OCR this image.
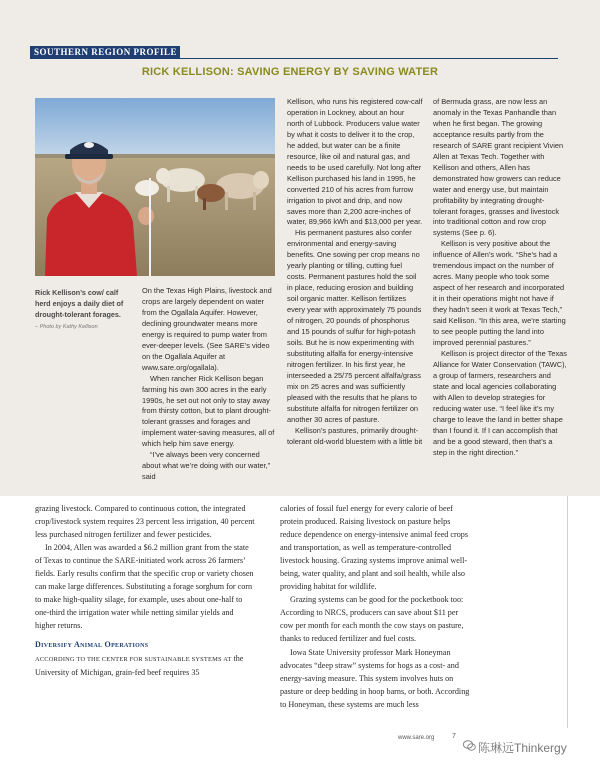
SOUTHERN REGION PROFILE
RICK KELLISON: SAVING ENERGY BY SAVING WATER
Rick Kellison’s cow/ calf herd enjoys a daily diet of drought-tolerant forages.
– Photo by Kathy Kellison

On the Texas High Plains, livestock and crops are largely dependent on water from the Ogallala Aquifer. However, declining groundwater means more energy is required to pump water from ever-deeper levels. (See SARE’s video on the Ogallala Aquifer at www.sare.org/ogallala).

When rancher Rick Kellison began farming his own 300 acres in the early 1990s, he set out not only to stay away from thirsty cotton, but to plant drought-tolerant grasses and forages and implement water-saving measures, all of which help him save energy.

“I’ve always been very concerned about what we’re doing with our water,” said

Kellison, who runs his registered cow-calf operation in Lockney, about an hour north of Lubbock. Producers value water by what it costs to deliver it to the crop, he added, but water can be a finite resource, like oil and natural gas, and needs to be used carefully. Not long after Kellison purchased his land in 1995, he converted 210 of his acres from furrow irrigation to pivot and drip, and now saves more than 2,200 acre-inches of water, 89,966 kWh and $13,000 per year.

His permanent pastures also confer environmental and energy-saving benefits. One sowing per crop means no yearly planting or tilling, cutting fuel costs. Permanent pastures hold the soil in place, reducing erosion and building soil organic matter. Kellison fertilizes every year with approximately 75 pounds of nitrogen, 20 pounds of phosphorus and 15 pounds of sulfur for high-potash soils. But he is now experimenting with substituting alfalfa for energy-intensive nitrogen fertilizer. In his first year, he interseeded a 25/75 percent alfalfa/grass mix on 25 acres and was sufficiently pleased with the results that he plans to substitute alfalfa for nitrogen fertilizer on another 30 acres of pasture.

Kellison’s pastures, primarily drought-tolerant old-world bluestem with a little bit

of Bermuda grass, are now less an anomaly in the Texas Panhandle than when he first began. The growing acceptance results partly from the research of SARE grant recipient Vivien Allen at Texas Tech. Together with Kellison and others, Allen has demonstrated how growers can reduce water and energy use, but maintain profitability by integrating drought-tolerant forages, grasses and livestock into traditional cotton and row crop systems (See p. 6).

Kellison is very positive about the influence of Allen’s work. “She’s had a tremendous impact on the number of acres. Many people who took some aspect of her research and incorporated it in their operations might not have if they hadn’t seen it work at Texas Tech,” said Kellison. “In this area, we’re starting to see people putting the land into improved perennial pastures.”

Kellison is project director of the Texas Alliance for Water Conservation (TAWC), a group of farmers, researchers and state and local agencies collaborating with Allen to develop strategies for reducing water use. “I feel like it’s my charge to leave the land in better shape than I found it. If I can accomplish that and be a good steward, then that’s a step in the right direction.”

grazing livestock. Compared to continuous cotton, the integrated crop/livestock system requires 23 percent less irrigation, 40 percent less purchased nitrogen fertilizer and fewer pesticides.

In 2004, Allen was awarded a $6.2 million grant from the state of Texas to continue the SARE-initiated work across 26 farmers’ fields. Early results confirm that the specific crop or variety chosen can make large differences. Substituting a forage sorghum for corn to make high-quality silage, for example, uses about one-half to one-third the irrigation water while netting similar yields and higher returns.

Diversify Animal Operations

ACCORDING TO THE CENTER FOR SUSTAINABLE SYSTEMS AT the University of Michigan, grain-fed beef requires 35

calories of fossil fuel energy for every calorie of beef protein produced. Raising livestock on pasture helps reduce dependence on energy-intensive animal feed crops and transportation, as well as temperature-controlled livestock housing. Grazing systems improve animal well-being, water quality, and plant and soil health, while also providing habitat for wildlife.

Grazing systems can be good for the pocketbook too: According to NRCS, producers can save about $11 per cow per month for each month the cow stays on pasture, thanks to reduced fertilizer and fuel costs.

Iowa State University professor Mark Honeyman advocates “deep straw” systems for hogs as a cost- and energy-saving measure. This system involves huts on pasture or deep bedding in hoop barns, or both. According to Honeyman, these systems are much less

www.sare.org	7
陈琳远Thinkergy
